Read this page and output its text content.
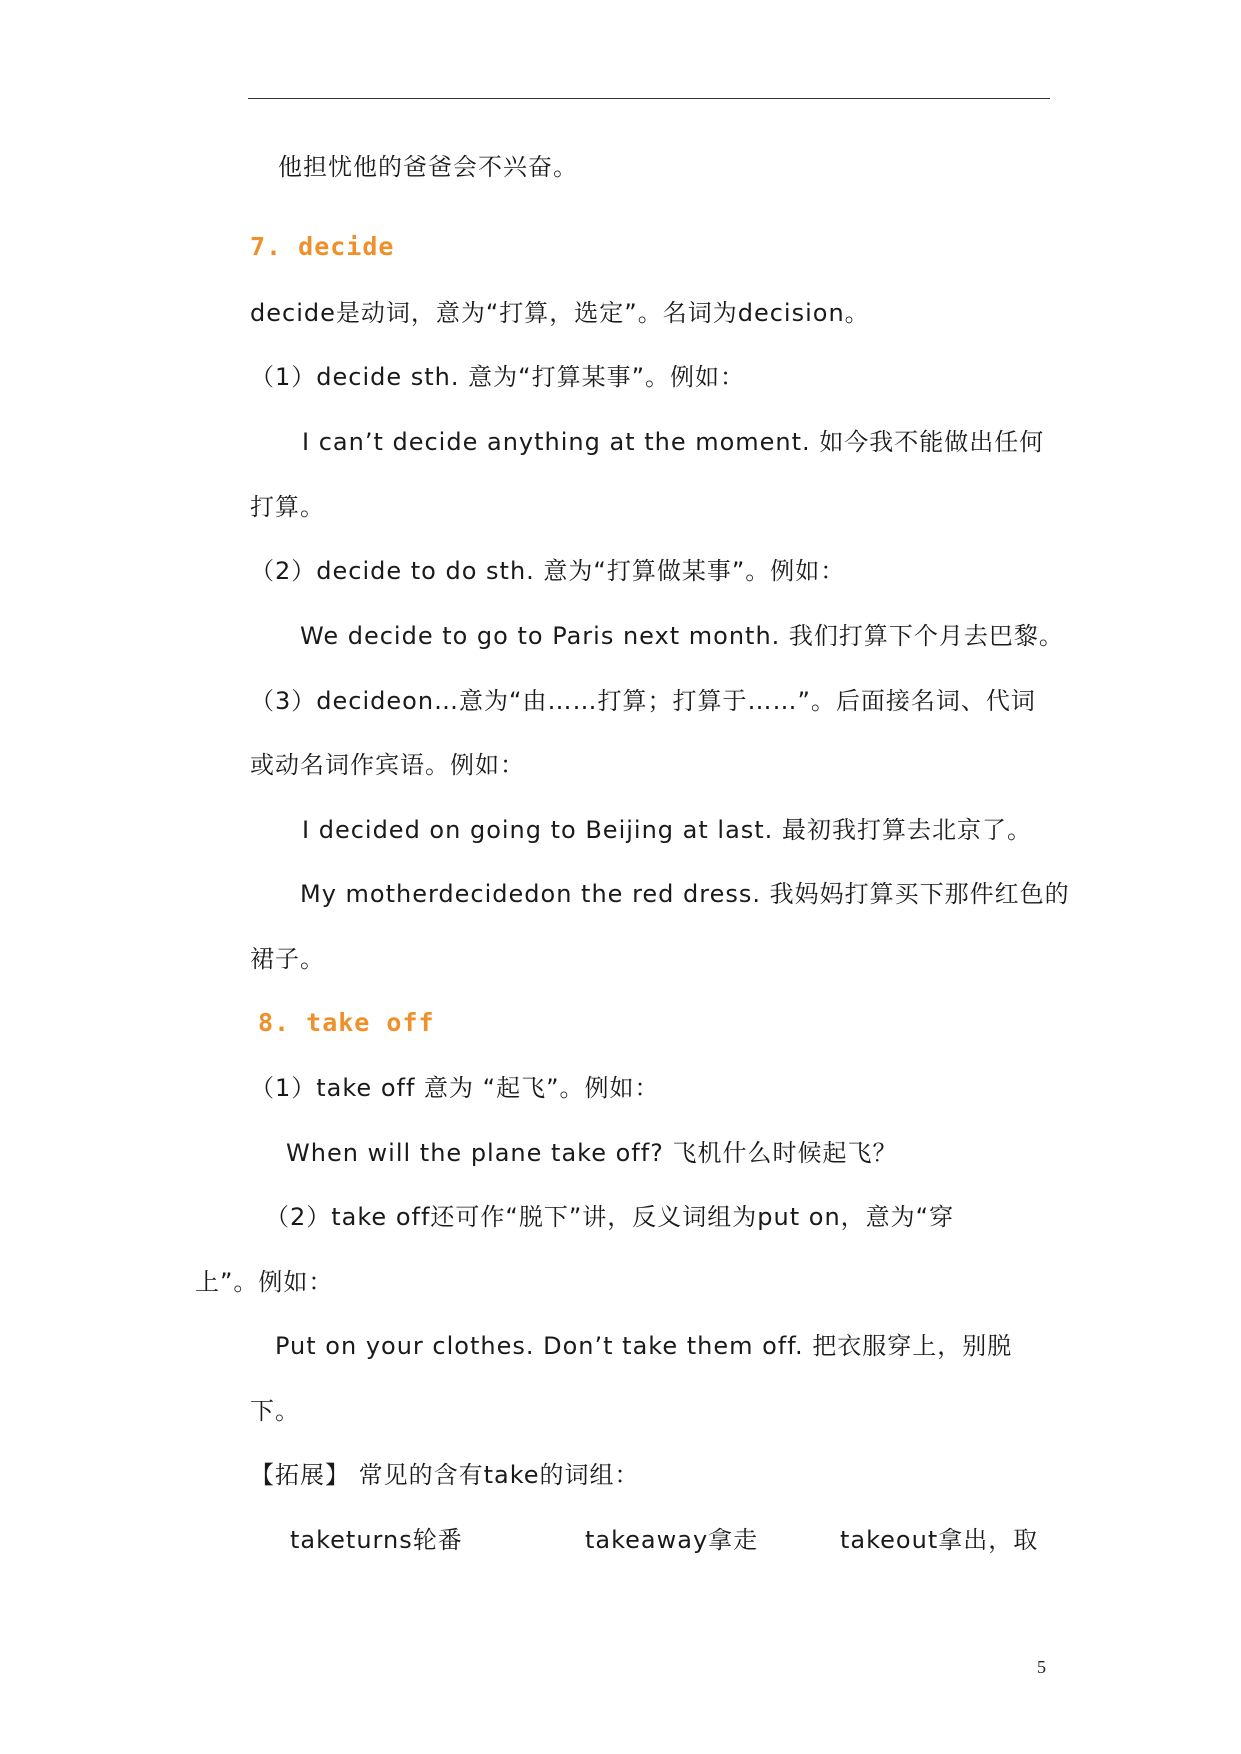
他担忧他的爸爸会不兴奋。
7. decide
decide是动词，意为“打算，选定”。名词为decision。
（1）decide sth. 意为“打算某事”。例如：
I can’t decide anything at the moment. 如今我不能做出任何
打算。
（2）decide to do sth. 意为“打算做某事”。例如：
We decide to go to Paris next month. 我们打算下个月去巴黎。
（3）decideon…意为“由……打算；打算于……”。后面接名词、代词
或动名词作宾语。例如：
I decided on going to Beijing at last. 最初我打算去北京了。
My motherdecidedon the red dress. 我妈妈打算买下那件红色的
裙子。
8. take off
（1）take off 意为 “起飞”。例如：
When will the plane take off? 飞机什么时候起飞？
（2）take off还可作“脱下”讲，反义词组为put on，意为“穿
上”。例如：
Put on your clothes. Don’t take them off. 把衣服穿上，别脱
下。
【拓展】 常见的含有take的词组：
taketurns轮番	takeaway拿走	takeout拿出，取
5
